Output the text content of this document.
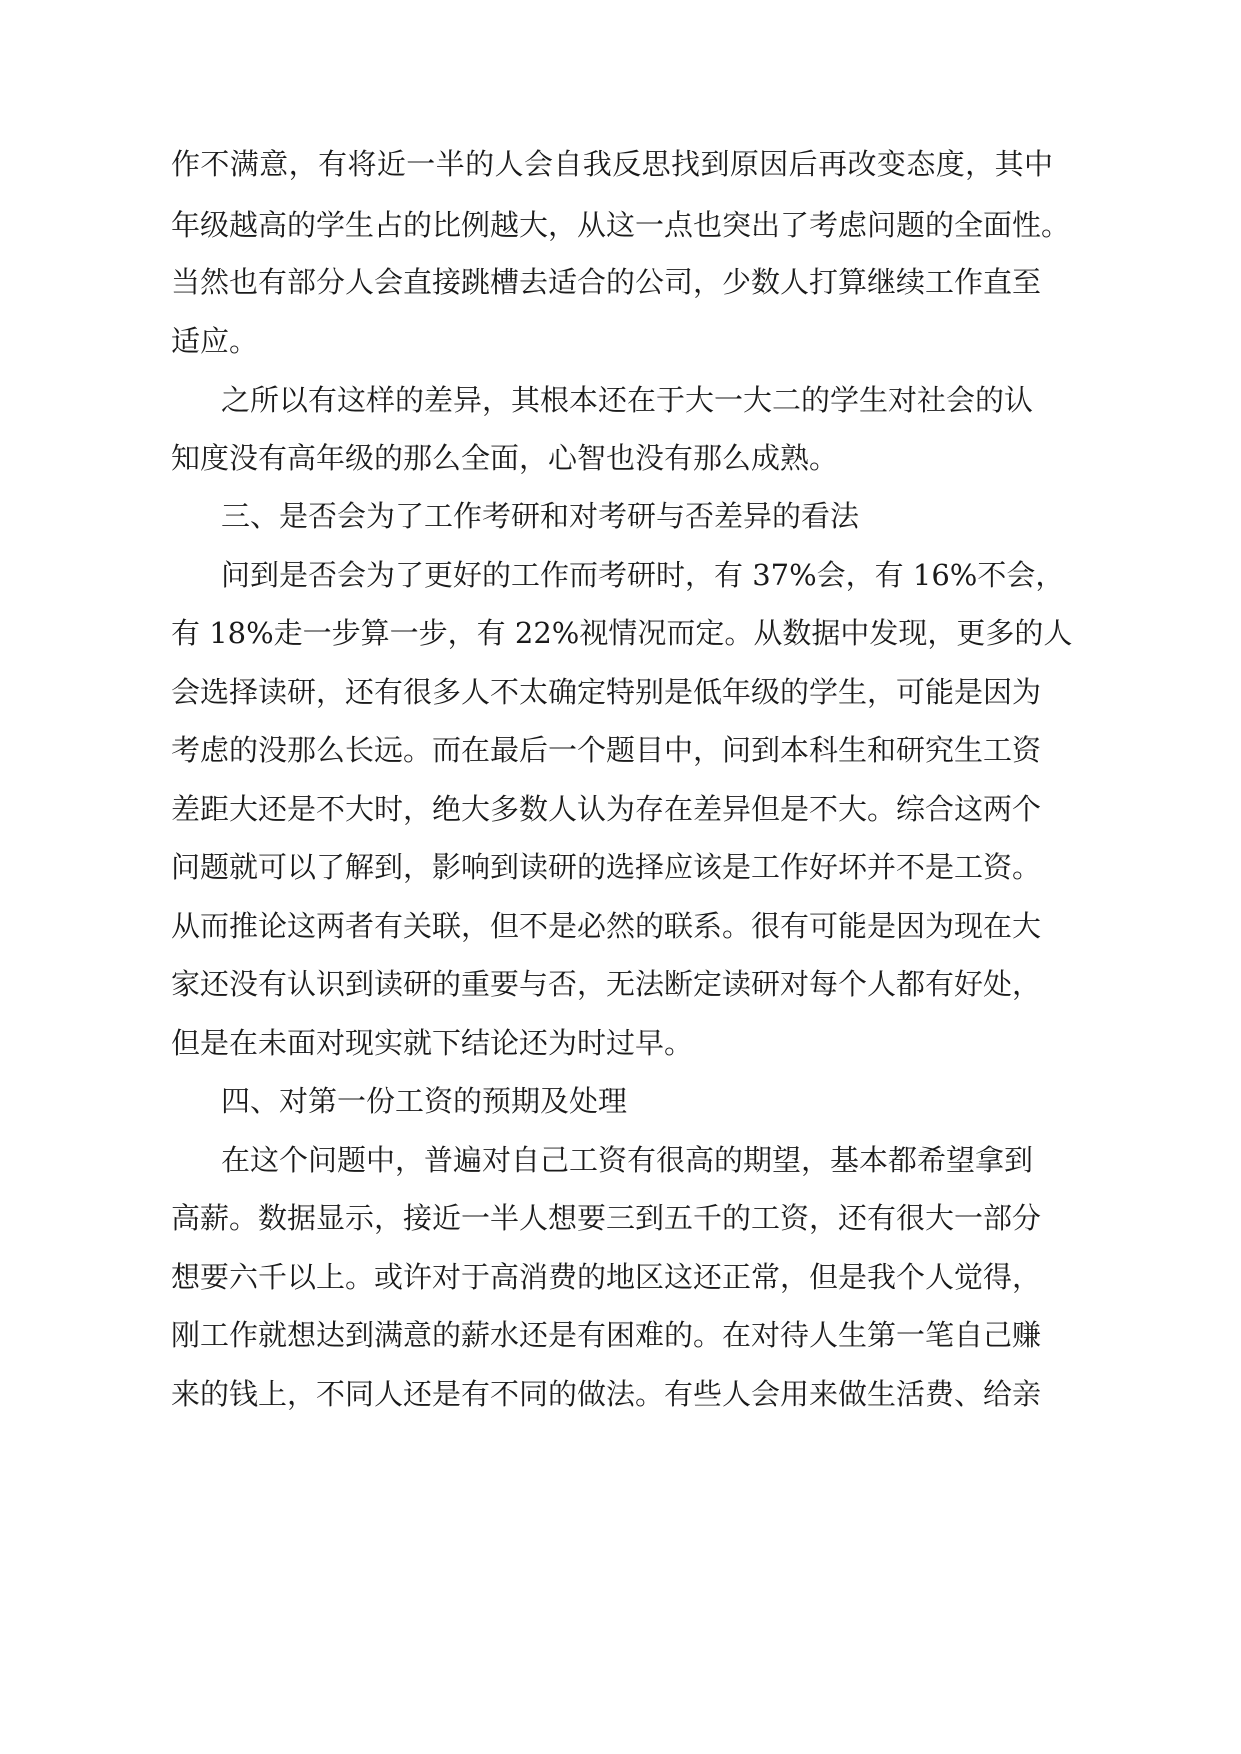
作不满意，有将近一半的人会自我反思找到原因后再改变态度，其中

年级越高的学生占的比例越大，从这一点也突出了考虑问题的全面性。

当然也有部分人会直接跳槽去适合的公司，少数人打算继续工作直至

适应。

之所以有这样的差异，其根本还在于大一大二的学生对社会的认

知度没有高年级的那么全面，心智也没有那么成熟。

三、是否会为了工作考研和对考研与否差异的看法

问到是否会为了更好的工作而考研时，有 37%会，有 16%不会，

有 18%走一步算一步，有 22%视情况而定。从数据中发现，更多的人

会选择读研，还有很多人不太确定特别是低年级的学生，可能是因为

考虑的没那么长远。而在最后一个题目中，问到本科生和研究生工资

差距大还是不大时，绝大多数人认为存在差异但是不大。综合这两个

问题就可以了解到，影响到读研的选择应该是工作好坏并不是工资。

从而推论这两者有关联，但不是必然的联系。很有可能是因为现在大

家还没有认识到读研的重要与否，无法断定读研对每个人都有好处，

但是在未面对现实就下结论还为时过早。

四、对第一份工资的预期及处理

在这个问题中，普遍对自己工资有很高的期望，基本都希望拿到

高薪。数据显示，接近一半人想要三到五千的工资，还有很大一部分

想要六千以上。或许对于高消费的地区这还正常，但是我个人觉得，

刚工作就想达到满意的薪水还是有困难的。在对待人生第一笔自己赚

来的钱上，不同人还是有不同的做法。有些人会用来做生活费、给亲
